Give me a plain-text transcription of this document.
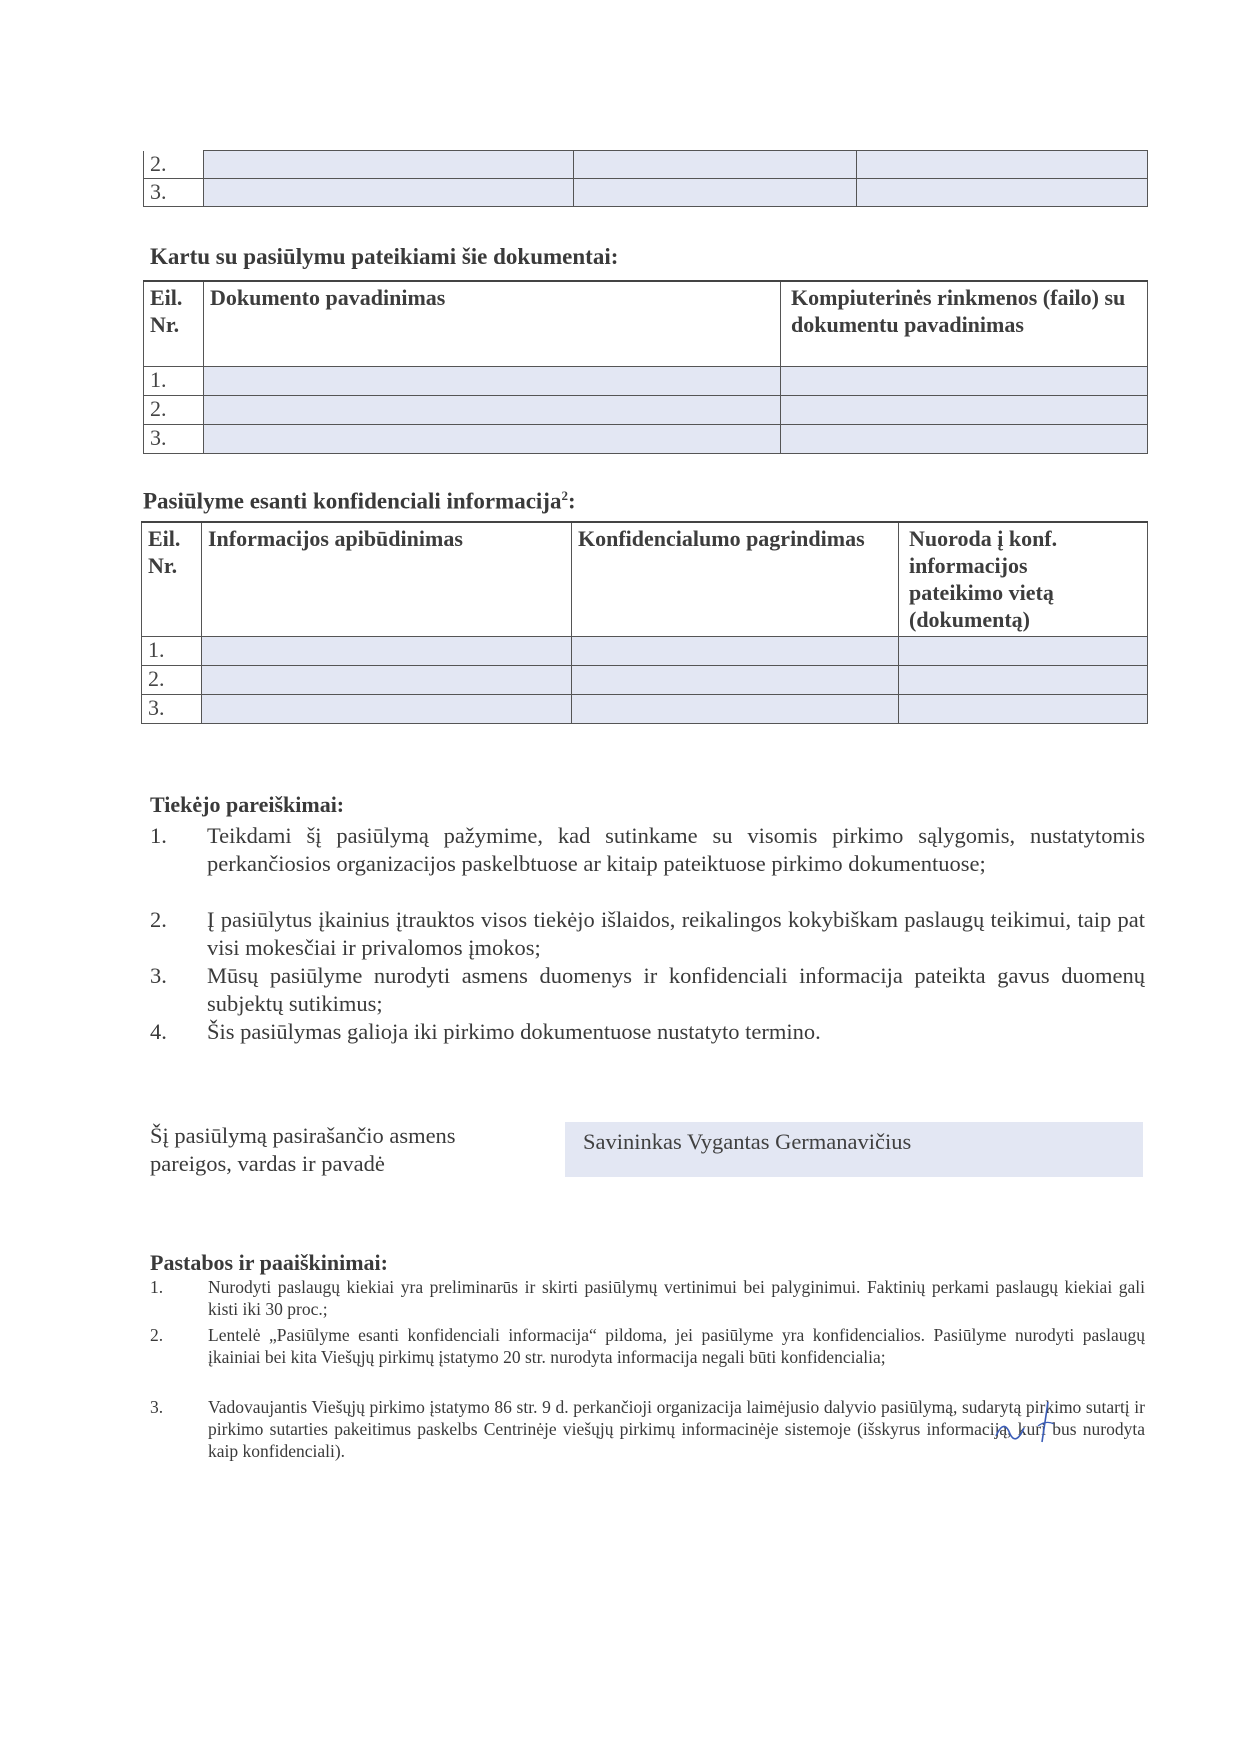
2.			
3.			
Kartu su pasiūlymu pateikiami šie dokumentai:
Eil. Nr.	Dokumento pavadinimas	Kompiuterinės rinkmenos (failo) su dokumentu pavadinimas
1.		
2.		
3.		
Pasiūlyme esanti konfidenciali informacija$^2$:
Eil. Nr.	Informacijos apibūdinimas	Konfidencialumo pagrindimas	Nuoroda į konf. informacijos pateikimo vietą (dokumentą)
1.			
2.			
3.			
Tiekėjo pareiškimai:
1. Teikdami šį pasiūlymą pažymime, kad sutinkame su visomis pirkimo sąlygomis, nustatytomis perkančiosios organizacijos paskelbtuose ar kitaip pateiktuose pirkimo dokumentuose;
2. Į pasiūlytus įkainius įtrauktos visos tiekėjo išlaidos, reikalingos kokybiškam paslaugų teikimui, taip pat visi mokesčiai ir privalomos įmokos;
3. Mūsų pasiūlyme nurodyti asmens duomenys ir konfidenciali informacija pateikta gavus duomenų subjektų sutikimus;
4. Šis pasiūlymas galioja iki pirkimo dokumentuose nustatyto termino.
Šį pasiūlymą pasirašančio asmens pareigos, vardas ir pavadė
Savininkas Vygantas Germanavičius
Pastabos ir paaiškinimai:
1.	Nurodyti paslaugų kiekiai yra preliminarūs ir skirti pasiūlymų vertinimui bei palyginimui. Faktinių perkami paslaugų kiekiai gali kisti iki 30 proc.;
2.	Lentelė „Pasiūlyme esanti konfidenciali informacija“ pildoma, jei pasiūlyme yra konfidencialios. Pasiūlyme nurodyti paslaugų įkainiai bei kita Viešųjų pirkimų įstatymo 20 str. nurodyta informacija negali būti konfidencialia;
3.	Vadovaujantis Viešųjų pirkimo įstatymo 86 str. 9 d. perkančioji organizacija laimėjusio dalyvio pasiūlymą, sudarytą pirkimo sutartį ir pirkimo sutarties pakeitimus paskelbs Centrinėje viešųjų pirkimų informacinėje sistemoje (išskyrus informaciją, kuri bus nurodyta kaip konfidenciali).
